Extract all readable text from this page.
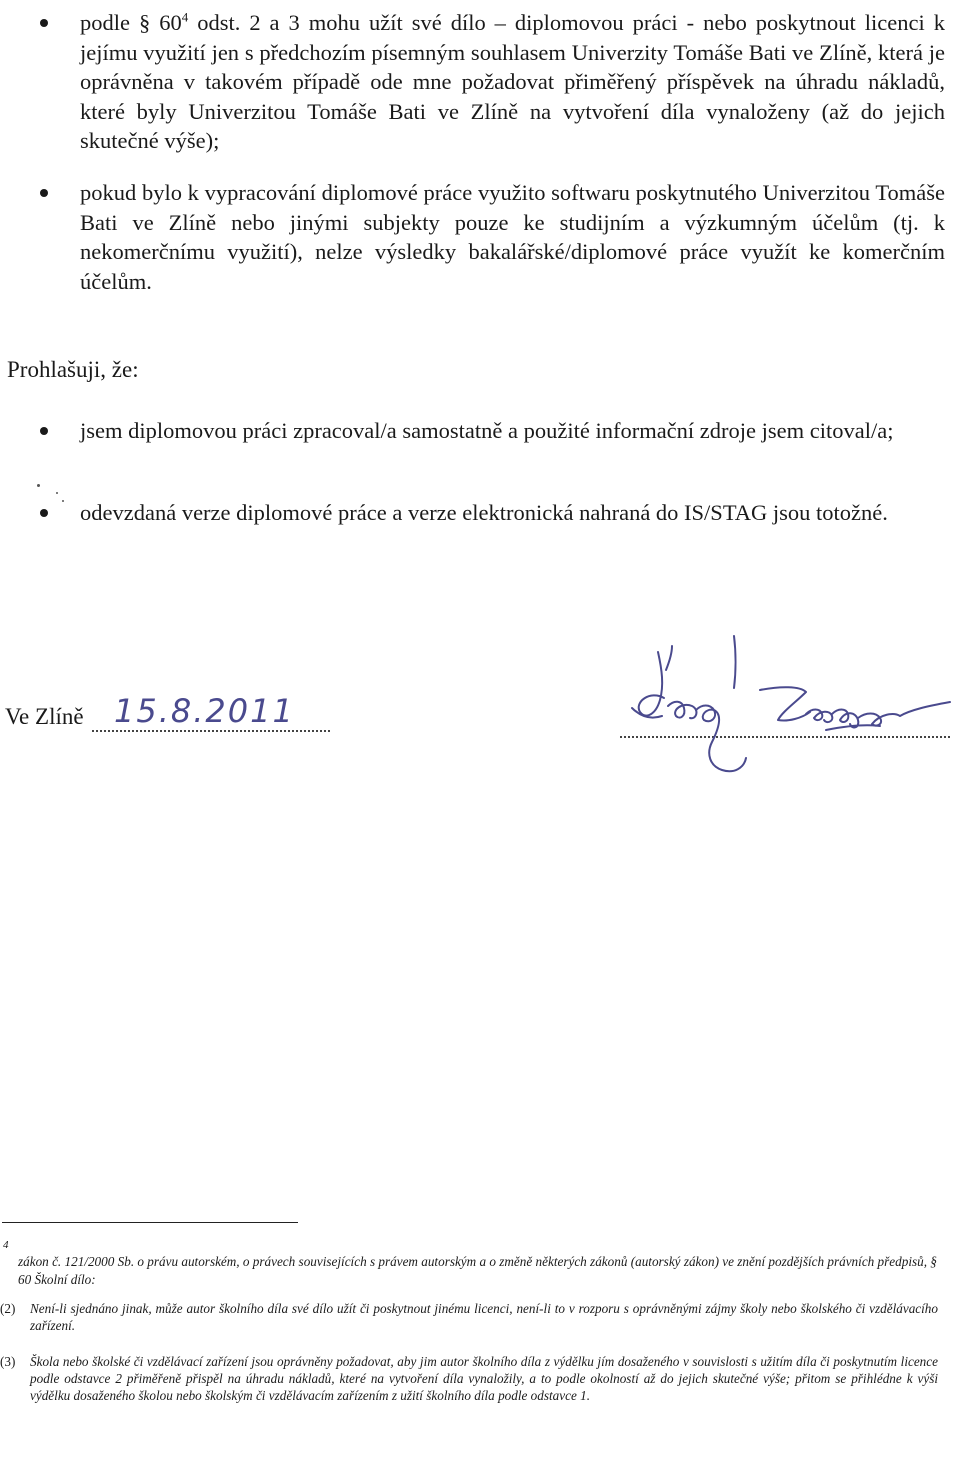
podle § $60^4$ odst. 2 a 3 mohu užít své dílo – diplomovou práci - nebo poskytnout licenci k jejímu využití jen s předchozím písemným souhlasem Univerzity Tomáše Bati ve Zlíně, která je oprávněna v takovém případě ode mne požadovat přiměřený příspěvek na úhradu nákladů, které byly Univerzitou Tomáše Bati ve Zlíně na vytvoření díla vynaloženy (až do jejich skutečné výše);
pokud bylo k vypracování diplomové práce využito softwaru poskytnutého Univerzitou Tomáše Bati ve Zlíně nebo jinými subjekty pouze ke studijním a výzkumným účelům (tj. k nekomerčnímu využití), nelze výsledky bakalářské/diplomové práce využít ke komerčním účelům.
Prohlašuji, že:
jsem diplomovou práci zpracoval/a samostatně a použité informační zdroje jsem citoval/a;
odevzdaná verze diplomové práce a verze elektronická nahraná do IS/STAG jsou totožné.
Ve Zlíně 15.8.2011
4
zákon č. 121/2000 Sb. o právu autorském, o právech souvisejících s právem autorským a o změně některých zákonů (autorský zákon) ve znění pozdějších právních předpisů, § 60 Školní dílo:
(2) Není-li sjednáno jinak, může autor školního díla své dílo užít či poskytnout jinému licenci, není-li to v rozporu s oprávněnými zájmy školy nebo školského či vzdělávacího zařízení.
(3) Škola nebo školské či vzdělávací zařízení jsou oprávněny požadovat, aby jim autor školního díla z výdělku jím dosaženého v souvislosti s užitím díla či poskytnutím licence podle odstavce 2 přiměřeně přispěl na úhradu nákladů, které na vytvoření díla vynaložily, a to podle okolností až do jejich skutečné výše; přitom se přihlédne k výši výdělku dosaženého školou nebo školským či vzdělávacím zařízením z užití školního díla podle odstavce 1.
